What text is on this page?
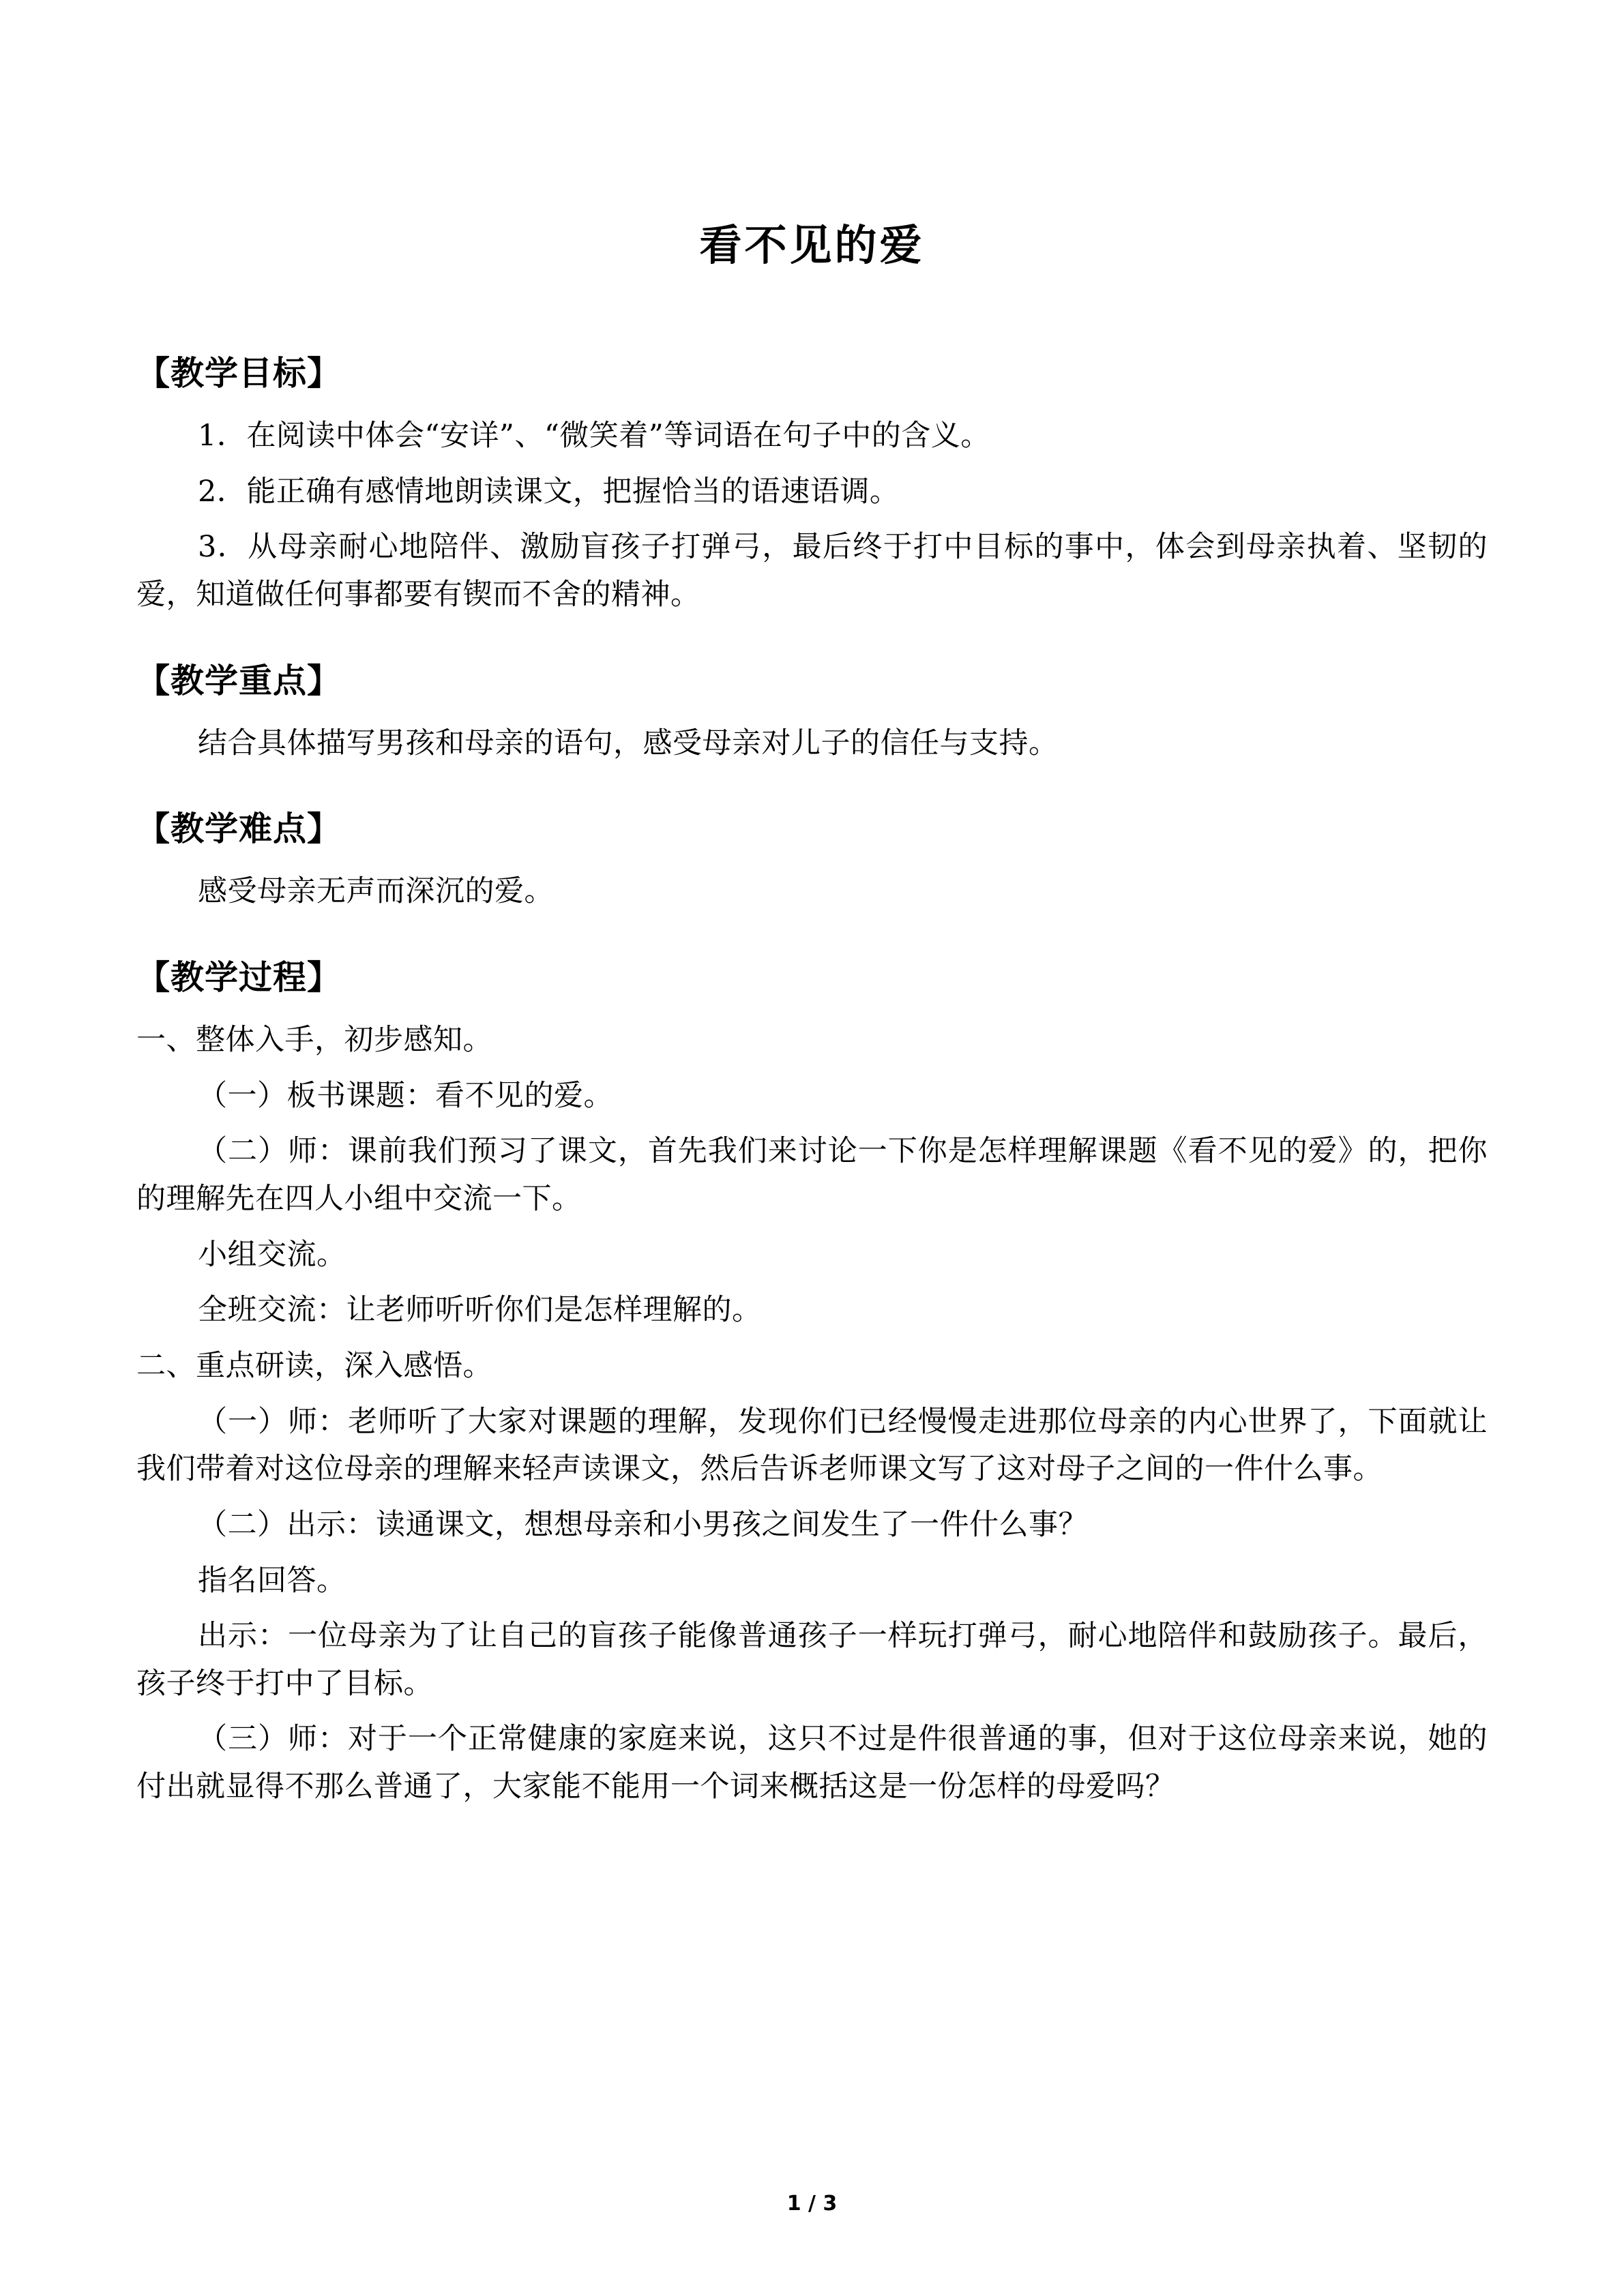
看不见的爱
【教学目标】

1．在阅读中体会“安详”、“微笑着”等词语在句子中的含义。

2．能正确有感情地朗读课文，把握恰当的语速语调。

3．从母亲耐心地陪伴、激励盲孩子打弹弓，最后终于打中目标的事中，体会到母亲执着、坚韧的爱，知道做任何事都要有锲而不舍的精神。

【教学重点】

结合具体描写男孩和母亲的语句，感受母亲对儿子的信任与支持。

【教学难点】

感受母亲无声而深沉的爱。

【教学过程】

一、整体入手，初步感知。

（一）板书课题：看不见的爱。

（二）师：课前我们预习了课文，首先我们来讨论一下你是怎样理解课题《看不见的爱》的，把你的理解先在四人小组中交流一下。

小组交流。

全班交流：让老师听听你们是怎样理解的。

二、重点研读，深入感悟。

（一）师：老师听了大家对课题的理解，发现你们已经慢慢走进那位母亲的内心世界了，下面就让我们带着对这位母亲的理解来轻声读课文，然后告诉老师课文写了这对母子之间的一件什么事。

（二）出示：读通课文，想想母亲和小男孩之间发生了一件什么事？

指名回答。

出示：一位母亲为了让自己的盲孩子能像普通孩子一样玩打弹弓，耐心地陪伴和鼓励孩子。最后，孩子终于打中了目标。

（三）师：对于一个正常健康的家庭来说，这只不过是件很普通的事，但对于这位母亲来说，她的付出就显得不那么普通了，大家能不能用一个词来概括这是一份怎样的母爱吗？

1 / 3
